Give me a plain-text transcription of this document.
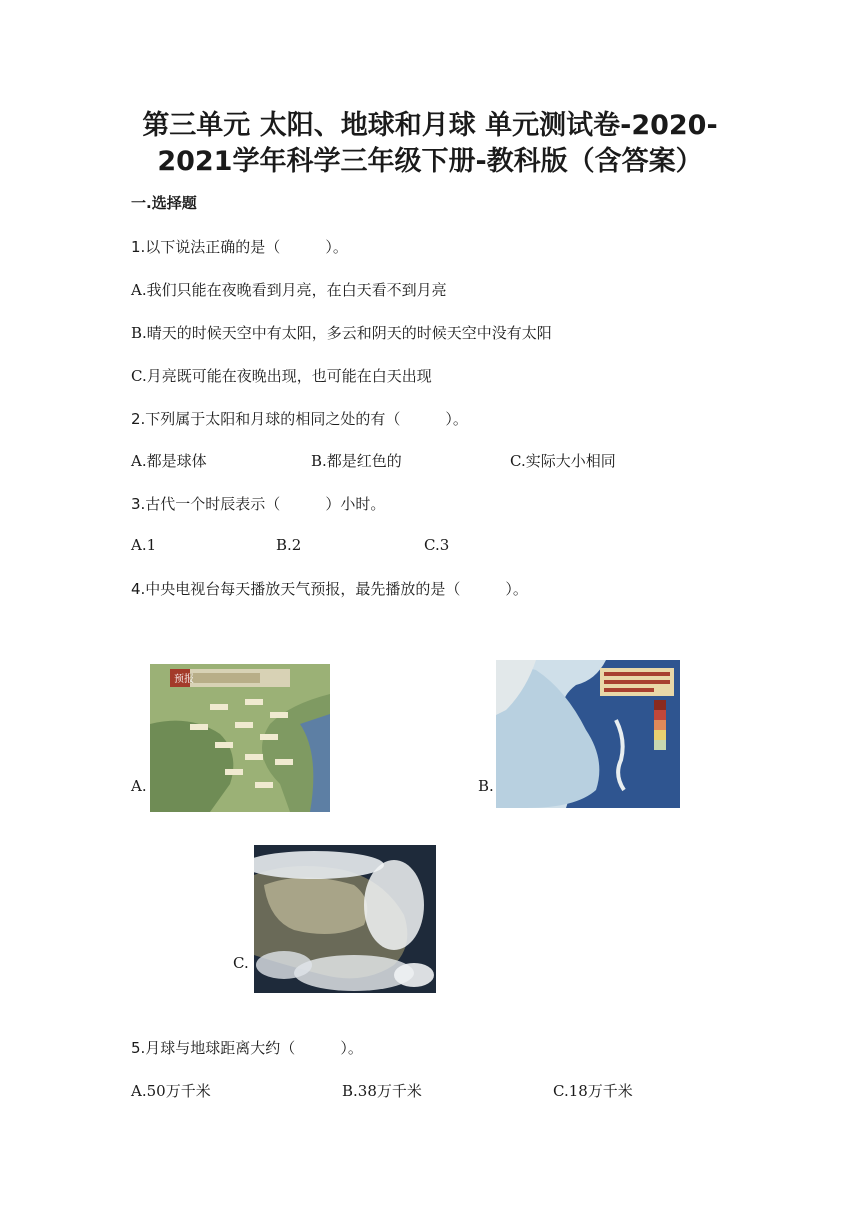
第三单元 太阳、地球和月球 单元测试卷-2020-
2021学年科学三年级下册-教科版（含答案）
一.选择题
1.以下说法正确的是（　　　）。
A.我们只能在夜晚看到月亮，在白天看不到月亮
B.晴天的时候天空中有太阳，多云和阴天的时候天空中没有太阳
C.月亮既可能在夜晚出现，也可能在白天出现
2.下列属于太阳和月球的相同之处的有（　　　）。
A.都是球体	B.都是红色的	C.实际大小相同
3.古代一个时辰表示（　　　）小时。
A.1	B.2	C.3
4.中央电视台每天播放天气预报，最先播放的是（　　　）。
A.
预报
B.
C.
5.月球与地球距离大约（　　　）。
A.50万千米	B.38万千米	C.18万千米
